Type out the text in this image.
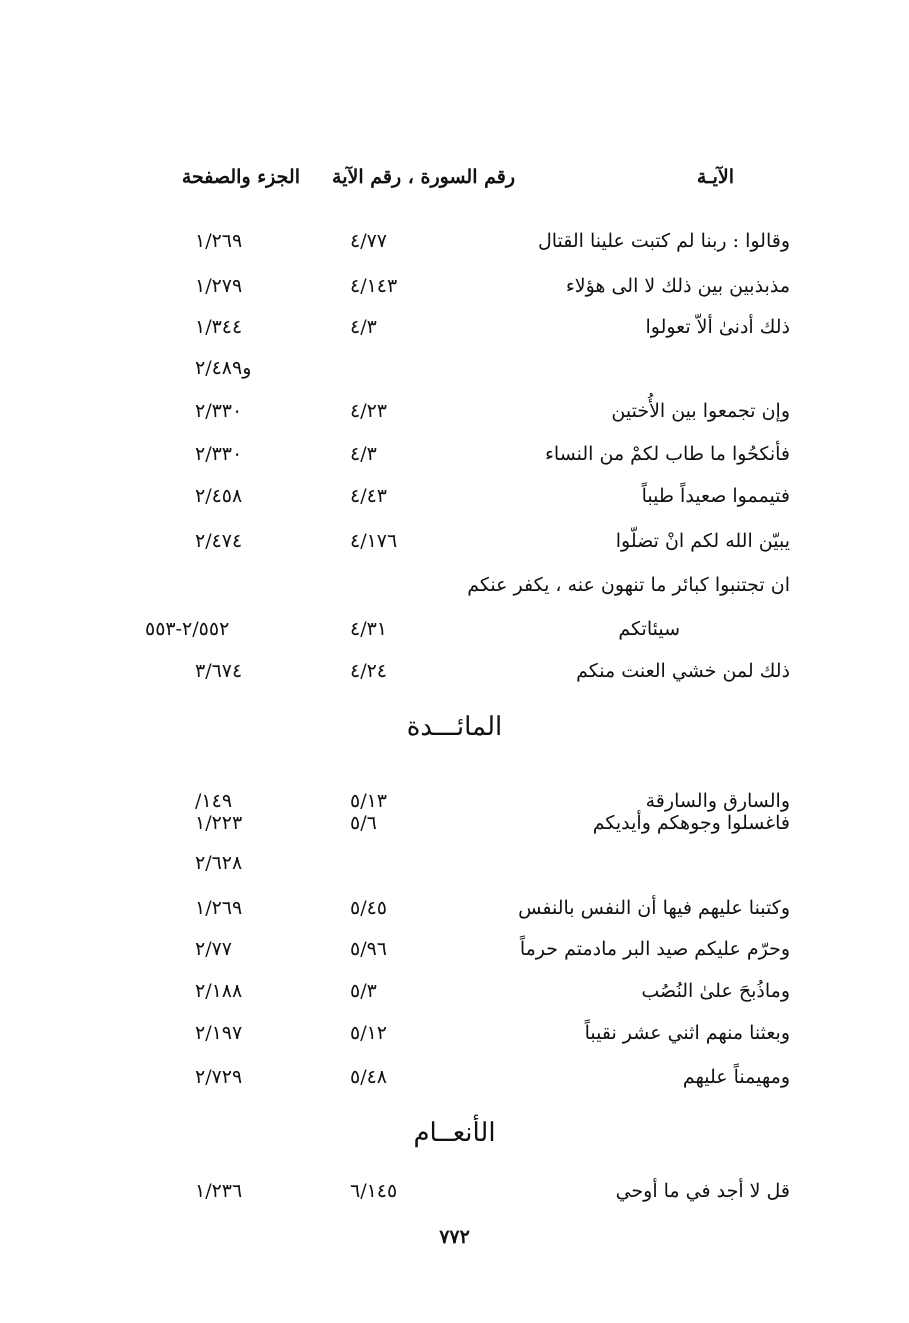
الآيـة
رقم السورة ، رقم الآية
الجزء والصفحة
وقالوا : ربنا لم كتبت علينا القتال
٤/٧٧
١/٢٦٩
مذبذبين بين ذلك لا الى هؤلاء
٤/١٤٣
١/٢٧٩
ذلك أدنىٰ ألاّ تعولوا
٤/٣
١/٣٤٤
و٢/٤٨٩
وإن تجمعوا بين الأُختين
٤/٢٣
٢/٣٣٠
فأنكحُوا ما طاب لكمْ من النساء
٤/٣
٢/٣٣٠
فتيمموا صعيداً طيباً
٤/٤٣
٢/٤٥٨
يبيّن الله لكم انْ تضلّوا
٤/١٧٦
٢/٤٧٤
ان تجتنبوا كبائر ما تنهون عنه ، يكفر عنكم
سيئاتكم
٤/٣١
٢/٥٥٢-٥٥٣
ذلك لمن خشي العنت منكم
٤/٢٤
٣/٦٧٤
المائـــدة
والسارق والسارقة
٥/١٣
/١٤٩
فاغسلوا وجوهكم وأيديكم
٥/٦
١/٢٢٣
٢/٦٢٨
وكتبنا عليهم فيها أن النفس بالنفس
٥/٤٥
١/٢٦٩
وحرّم عليكم صيد البر مادمتم حرماً
٥/٩٦
٢/٧٧
وماذُبحَ علىٰ النُصُب
٥/٣
٢/١٨٨
وبعثنا منهم اثني عشر نقيباً
٥/١٢
٢/١٩٧
ومهيمناً عليهم
٥/٤٨
٢/٧٢٩
الأنعــام
قل لا أجد في ما أوحي
٦/١٤٥
١/٢٣٦
٧٧٢
